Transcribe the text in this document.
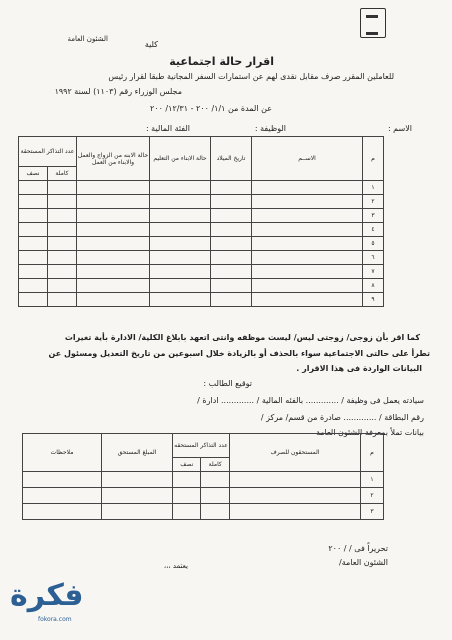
كلية
الشئون العامة
اقرار حالة اجتماعية
للعاملين المقرر صرف مقابل نقدى لهم عن استمارات السفر المجانية طبقا لقرار رئيس
مجلس الوزراء رقم (١١٠٣) لسنة ١٩٩٢
عن المدة من ١/١/ ٢٠٠ - ١٢/٣١/ ٢٠٠
الاسم :
الوظيفة :
الفئة المالية :
عدد التذاكر المستحقة		حالة الابنه من الزواج والعمل والابناء من العمل	حالة الابناء من التعليم	تاريخ الميلاد	الاســم	م
نصف	كاملة					
						١
						٢
						٣
						٤
						٥
						٦
						٧
						٨
						٩
كما اقر بأن زوجى/ زوجتى ليس/ ليست موظفه وانتى اتعهد بابلاغ الكلية/ الادارة بأية تغيرات
تطرأ على حالتى الاجتماعية سواء بالحذف أو بالزيادة خلال اسبوعين من تاريخ التعديل ومسئول عن
البيانات الواردة فى هذا الاقرار .
توقيع الطالب :
سيادته يعمل فى وظيفة / ............. بالفئه المالية / ............. ادارة /
رقم البطاقة / ............. صادرة من قسم/ مركز /
بيانات تملأ بمعرفة الشئون العامة
ملاحظات	المبلغ المستحق	عدد التذاكر المستحقه		المستحقون للصرف	م
		نصف	كاملة		
					١
					٢
					٣
تحريراً فى / / ٢٠٠
الشئون العامة/
يعتمد ،،،
فكرة
fokora.com
